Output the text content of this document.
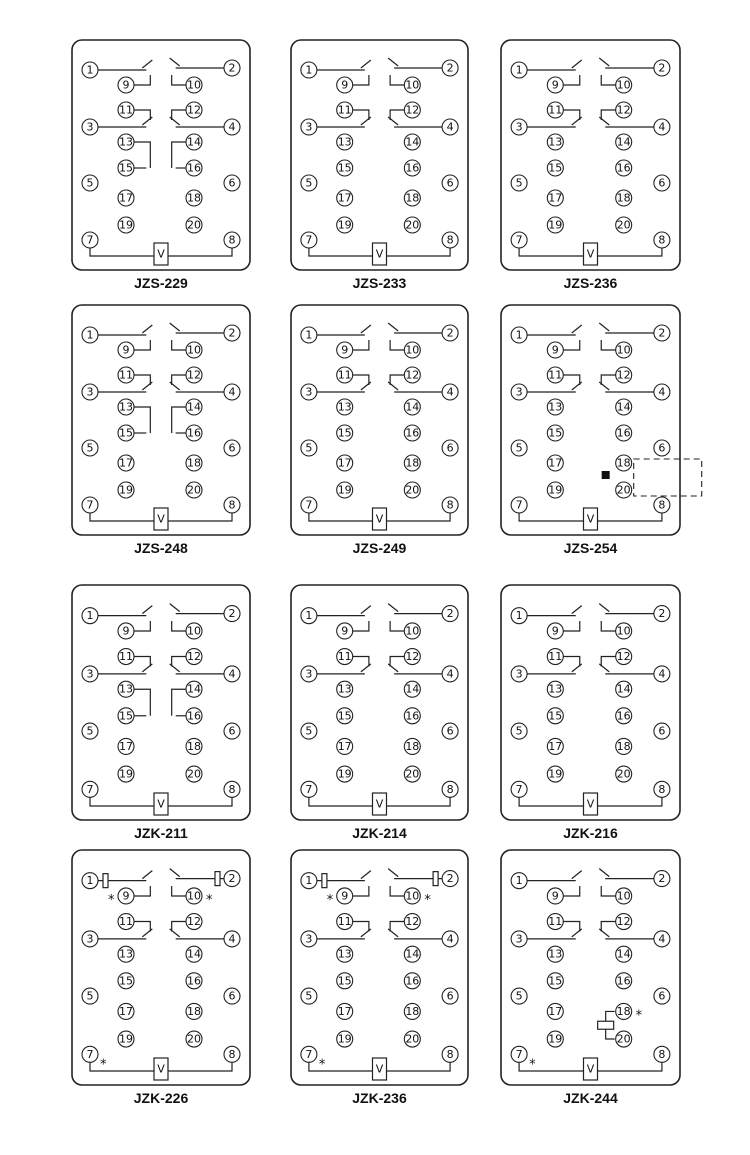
V
1	2
9	10
11	12
3	4
13	14
15	16
5	6
17	18
19	20
7	8
JZS-229
V
1	2
9	10
11	12
3	4
13	14
15	16
5	6
17	18
19	20
7	8
JZS-233
V
1	2
9	10
11	12
3	4
13	14
15	16
5	6
17	18
19	20
7	8
JZS-236
V
1	2
9	10
11	12
3	4
13	14
15	16
5	6
17	18
19	20
7	8
JZS-248
V
1	2
9	10
11	12
3	4
13	14
15	16
5	6
17	18
19	20
7	8
JZS-249
V
1	2
9	10
11	12
3	4
13	14
15	16
5	6
17	18
19	20
7	8
JZS-254
V
1	2
9	10
11	12
3	4
13	14
15	16
5	6
17	18
19	20
7	8
JZK-211
V
1	2
9	10
11	12
3	4
13	14
15	16
5	6
17	18
19	20
7	8
JZK-214
V
1	2
9	10
11	12
3	4
13	14
15	16
5	6
17	18
19	20
7	8
JZK-216
*	*
*	V
1	2
9	10
11	12
3	4
13	14
15	16
5	6
17	18
19	20
7	8
JZK-226
*	*
*	V
1	2
9	10
11	12
3	4
13	14
15	16
5	6
17	18
19	20
7	8
JZK-236
*
*	V
1	2
9	10
11	12
3	4
13	14
15	16
5	6
17	18
19	20
7	8
JZK-244
